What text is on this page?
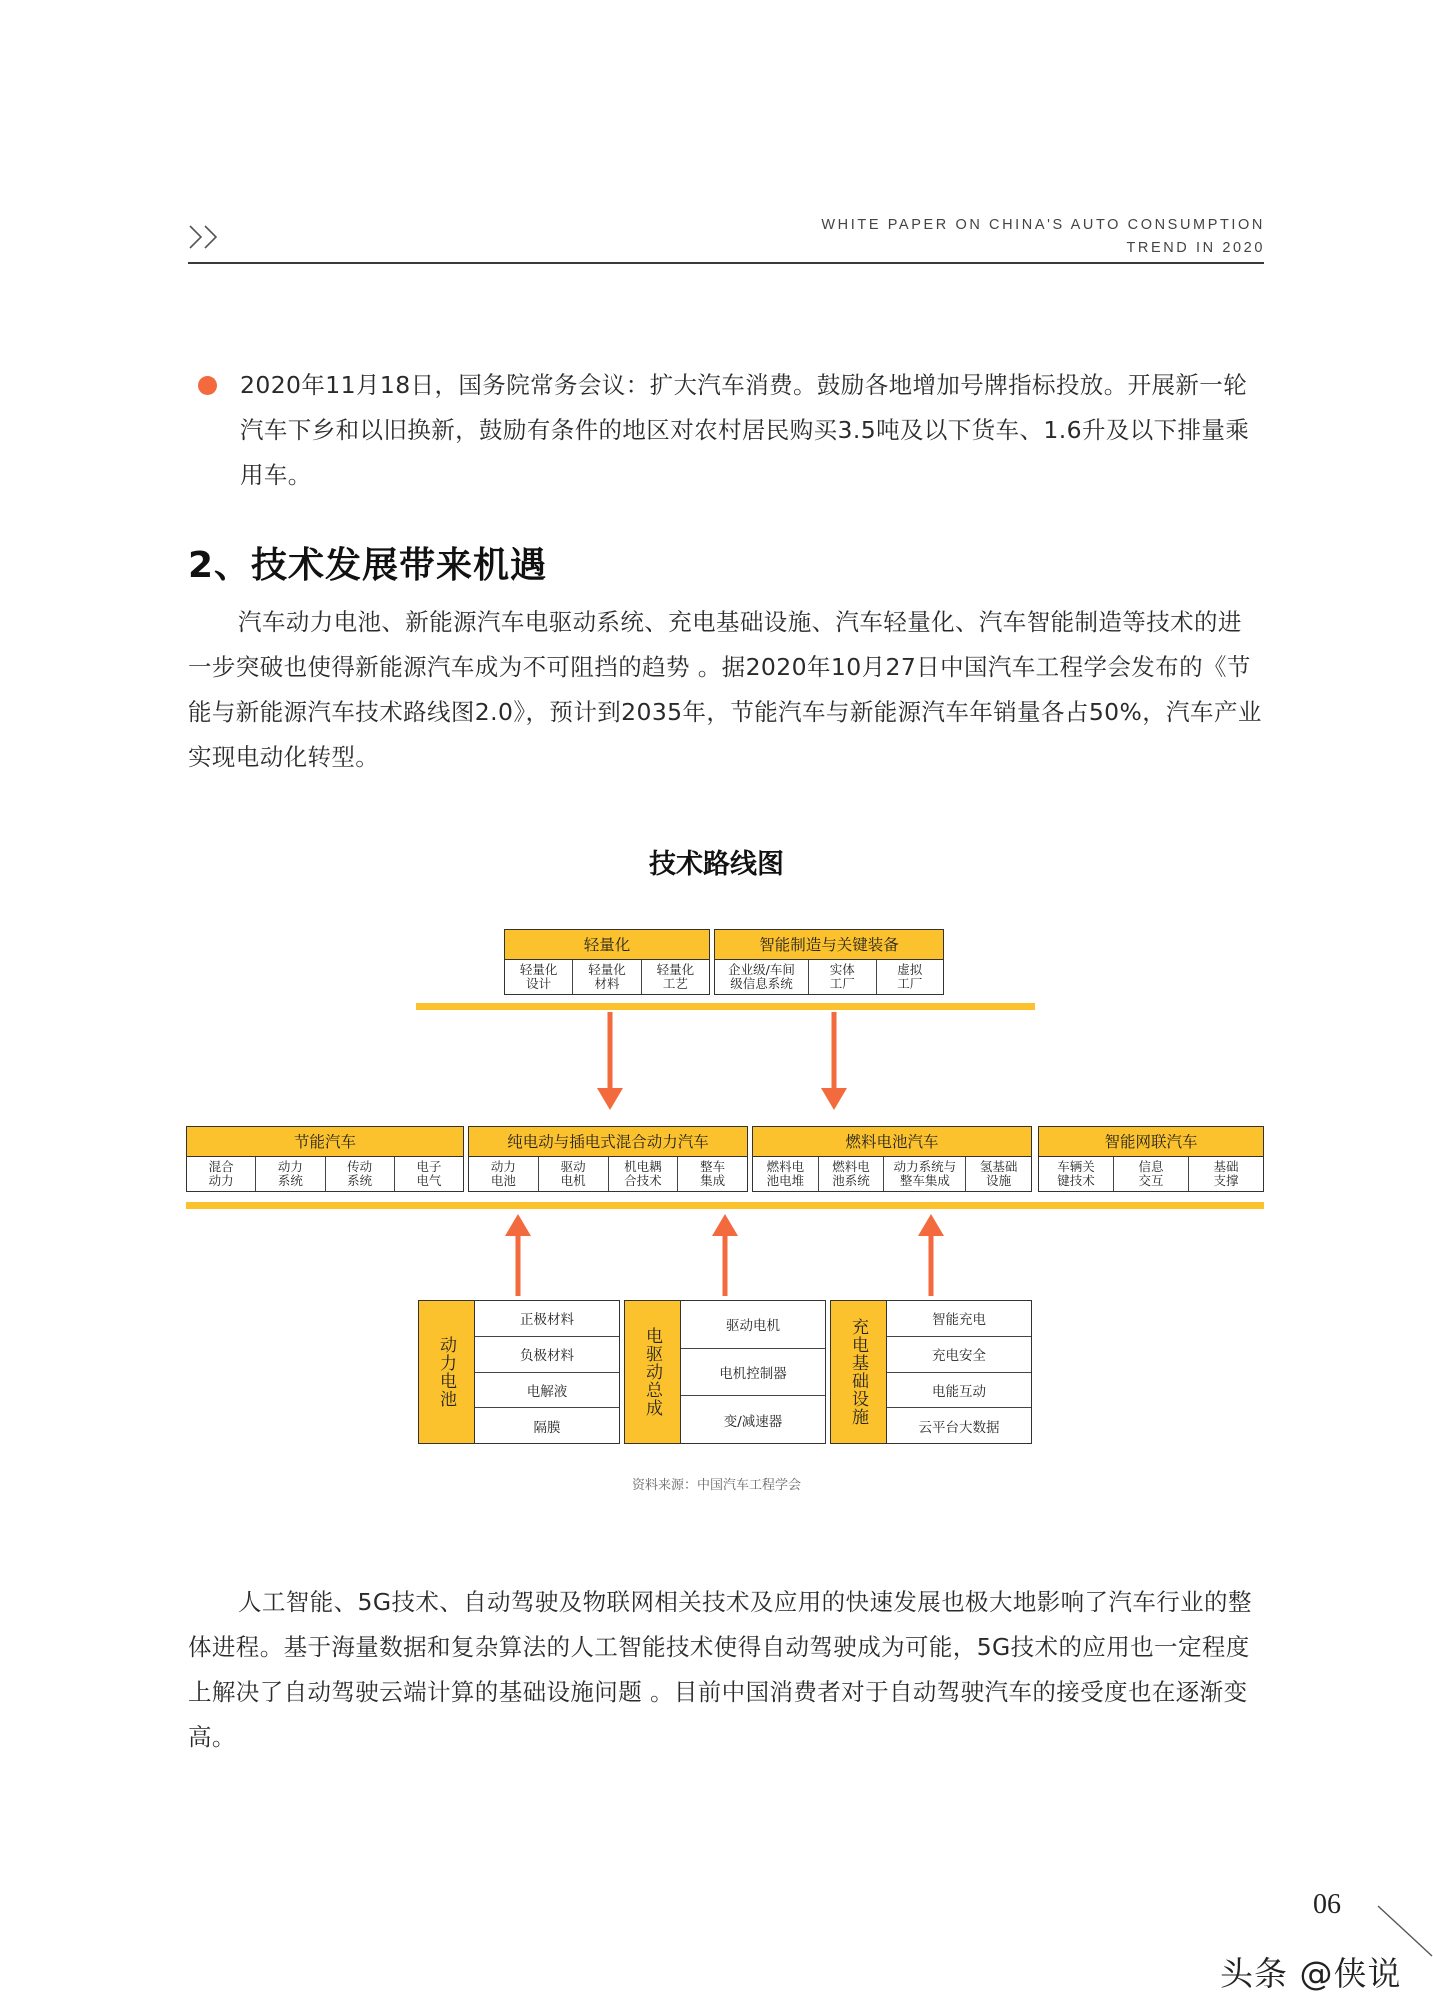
WHITE PAPER ON CHINA'S AUTO CONSUMPTION
TREND IN 2020
2020年11月18日，国务院常务会议：扩大汽车消费。鼓励各地增加号牌指标投放。开展新一轮汽车下乡和以旧换新，鼓励有条件的地区对农村居民购买3.5吨及以下货车、1.6升及以下排量乘用车。
2、技术发展带来机遇
汽车动力电池、新能源汽车电驱动系统、充电基础设施、汽车轻量化、汽车智能制造等技术的进一步突破也使得新能源汽车成为不可阻挡的趋势 。据2020年10月27日中国汽车工程学会发布的《节能与新能源汽车技术路线图2.0》，预计到2035年，节能汽车与新能源汽车年销量各占50%，汽车产业实现电动化转型。
技术路线图
轻量化
轻量化
设计
轻量化
材料
轻量化
工艺
智能制造与关键装备
企业级/车间
级信息系统
实体
工厂
虚拟
工厂
节能汽车
混合
动力
动力
系统
传动
系统
电子
电气
纯电动与插电式混合动力汽车
动力
电池
驱动
电机
机电耦
合技术
整车
集成
燃料电池汽车
燃料电
池电堆
燃料电
池系统
动力系统与
整车集成
氢基础
设施
智能网联汽车
车辆关
键技术
信息
交互
基础
支撑
动力电池
正极材料
负极材料
电解液
隔膜
电驱动总成
驱动电机
电机控制器
变/减速器	充电基础设施	智能充电
充电安全
电能互动
云平台大数据
资料来源：中国汽车工程学会
人工智能、5G技术、自动驾驶及物联网相关技术及应用的快速发展也极大地影响了汽车行业的整体进程。基于海量数据和复杂算法的人工智能技术使得自动驾驶成为可能，5G技术的应用也一定程度上解决了自动驾驶云端计算的基础设施问题 。目前中国消费者对于自动驾驶汽车的接受度也在逐渐变高。
06
头条 @侠说
